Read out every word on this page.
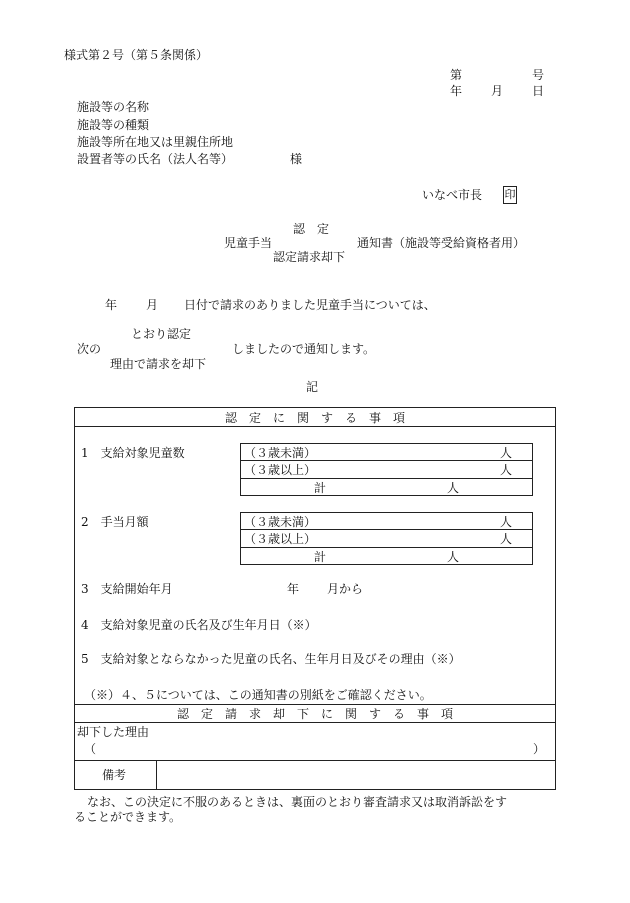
様式第２号（第５条関係）
第	号
年 月 日
施設等の名称
施設等の種類
施設等所在地又は里親住所地
設置者等の氏名（法人名等）	様
いなべ市長 印
認　定
児童手当	通知書（施設等受給資格者用）
認定請求却下
年 月 日付で請求のありました児童手当については、
とおり認定
次の	しましたので通知します。
理由で請求を却下
記
認　定　に　関　す　る　事　項
1　支給対象児童数	（３歳未満）	人
（３歳以上）	人
計	人
2　手当月額	（３歳未満）	人
（３歳以上）	人
計	人
3　支給開始年月	年 月から
4　支給対象児童の氏名及び生年月日（※）
5　支給対象とならなかった児童の氏名、生年月日及びその理由（※）
（※）４、５については、この通知書の別紙をご確認ください。
認　定　請　求　却　下　に　関　す　る　事　項
却下した理由
（	）
備考
なお、この決定に不服のあるときは、裏面のとおり審査請求又は取消訴訟をす
ることができます。
